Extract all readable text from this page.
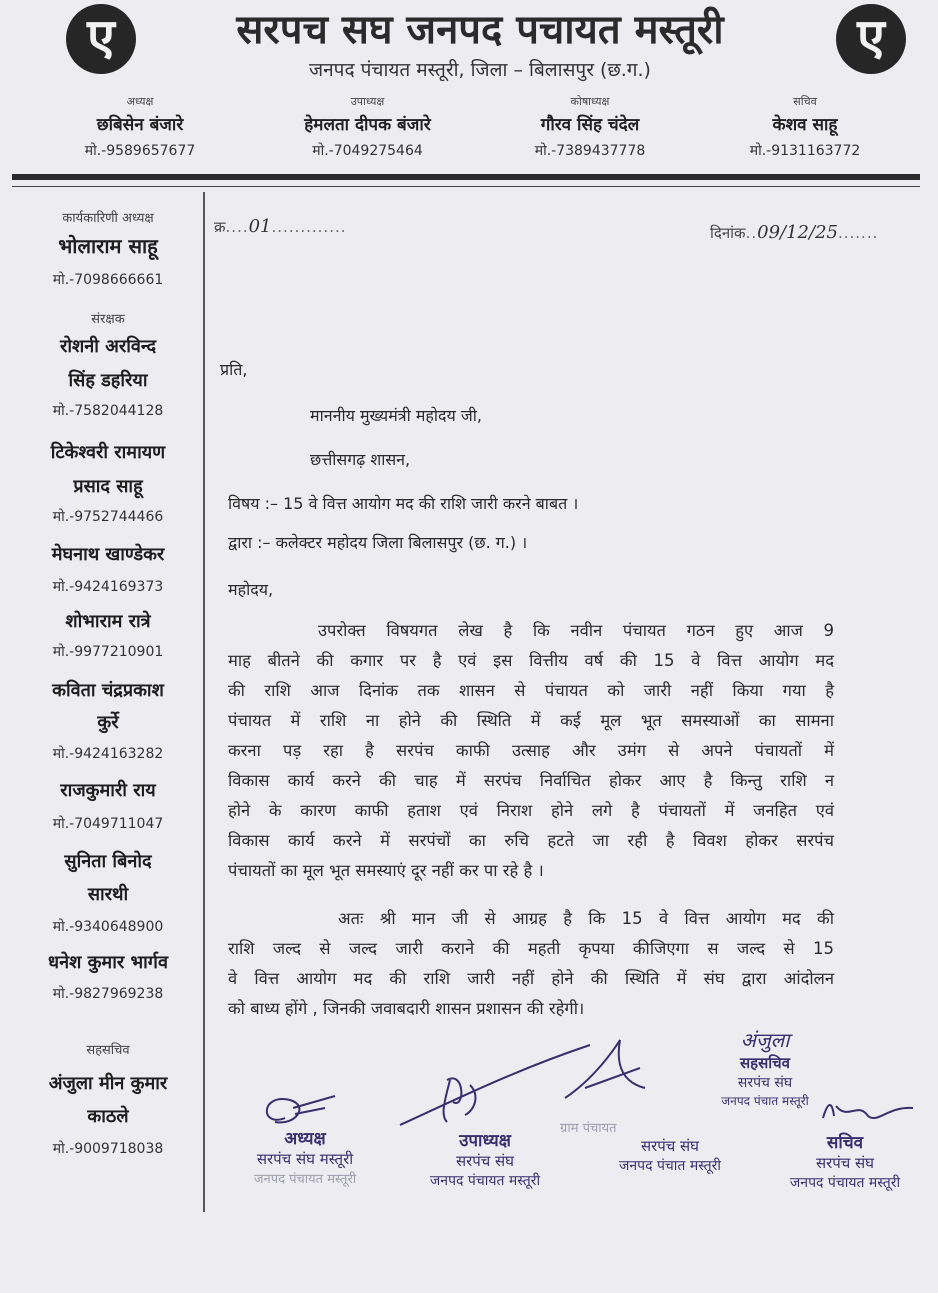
ए	ए
सरपच सघ जनपद पचायत मस्तूरी
जनपद पंचायत मस्तूरी, जिला – बिलासपुर (छ.ग.)
अध्यक्ष
छबिसेन बंजारे
मो.-9589657677
उपाध्यक्ष
हेमलता दीपक बंजारे
मो.-7049275464
कोषाध्यक्ष
गौरव सिंह चंदेल
मो.-7389437778
सचिव
केशव साहू
मो.-9131163772
कार्यकारिणी अध्यक्ष
भोलाराम साहू
मो.-7098666661
संरक्षक
रोशनी अरविन्द
सिंह डहरिया
मो.-7582044128
टिकेश्वरी रामायण
प्रसाद साहू
मो.-9752744466
मेघनाथ खाण्डेकर
मो.-9424169373
शोभाराम रात्रे
मो.-9977210901
कविता चंद्रप्रकाश
कुर्रे
मो.-9424163282
राजकुमारी राय
मो.-7049711047
सुनिता बिनोद
सारथी
मो.-9340648900
धनेश कुमार भार्गव
मो.-9827969238
सहसचिव
अंजुला मीन कुमार
काठले
मो.-9009718038
क्र....01.............	दिनांक..09/12/25.......
प्रति,
माननीय मुख्यमंत्री महोदय जी,
छत्तीसगढ़ शासन,
विषय :– 15 वे वित्त आयोग मद की राशि जारी करने बाबत ।
द्वारा :– कलेक्टर महोदय जिला बिलासपुर (छ. ग.) ।
महोदय,
उपरोक्त विषयगत लेख है कि नवीन पंचायत गठन हुए आज 9
माह बीतने की कगार पर है एवं इस वित्तीय वर्ष की 15 वे वित्त आयोग मद
की राशि आज दिनांक तक शासन से पंचायत को जारी नहीं किया गया है
पंचायत में राशि ना होने की स्थिति में कई मूल भूत समस्याओं का सामना
करना पड़ रहा है सरपंच काफी उत्साह और उमंग से अपने पंचायतों में
विकास कार्य करने की चाह में सरपंच निर्वाचित होकर आए है किन्तु राशि न
होने के कारण काफी हताश एवं निराश होने लगे है पंचायतों में जनहित एवं
विकास कार्य करने में सरपंचों का रुचि हटते जा रही है विवश होकर सरपंच
पंचायतों का मूल भूत समस्याएं दूर नहीं कर पा रहे है ।
अतः श्री मान जी से आग्रह है कि 15 वे वित्त आयोग मद की
राशि जल्द से जल्द जारी कराने की महती कृपया कीजिएगा स जल्द से 15
वे वित्त आयोग मद की राशि जारी नहीं होने की स्थिति में संघ द्वारा आंदोलन
को बाध्य होंगे , जिनकी जवाबदारी शासन प्रशासन की रहेगी।
अध्यक्ष
सरपंच संघ मस्तूरी
जनपद पंचायत मस्तूरी
उपाध्यक्ष
सरपंच संघ
जनपद पंचायत मस्तूरी
ग्राम पंचायत
सरपंच संघ
जनपद पंचात मस्तूरी
अंजुला
सहसचिव
सरपंच संघ
जनपद पंचात मस्तूरी
सचिव
सरपंच संघ
जनपद पंचायत मस्तूरी
